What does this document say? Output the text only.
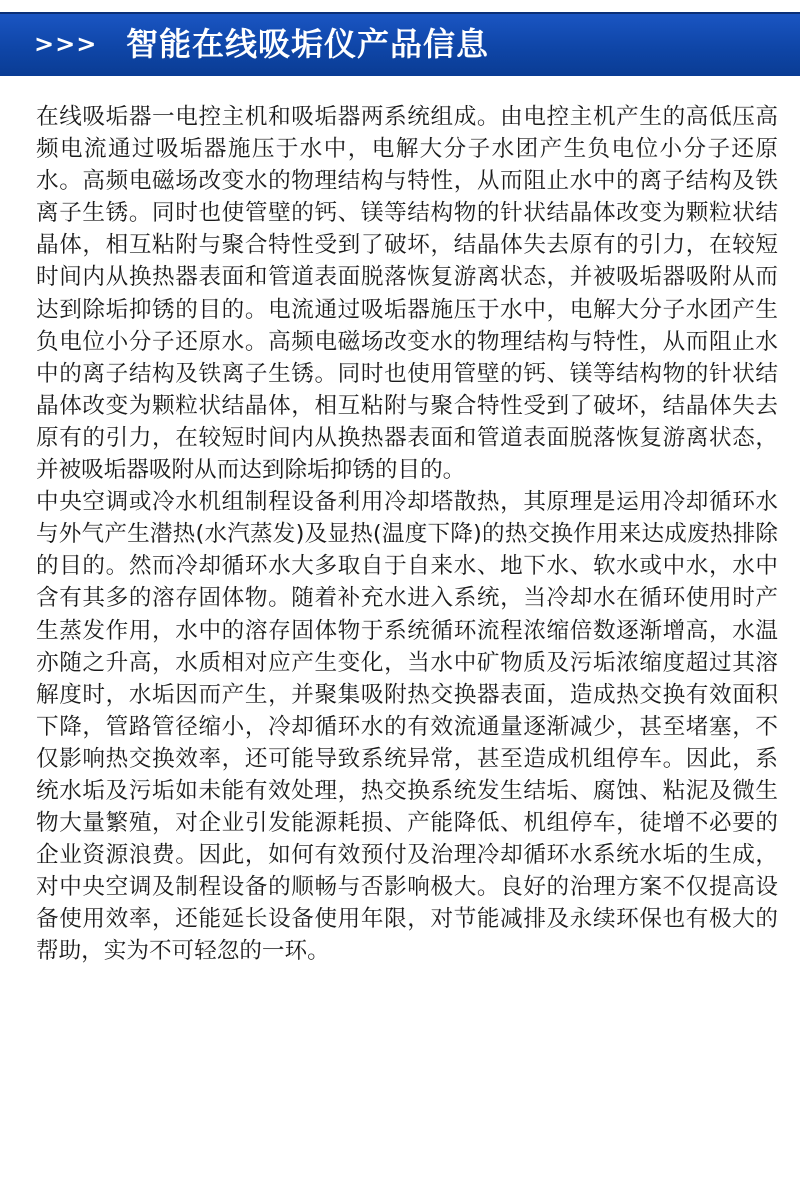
>>> 智能在线吸垢仪产品信息

在线吸垢器一电控主机和吸垢器两系统组成。由电控主机产生的高低压高频电流通过吸垢器施压于水中，电解大分子水团产生负电位小分子还原水。高频电磁场改变水的物理结构与特性，从而阻止水中的离子结构及铁离子生锈。同时也使管壁的钙、镁等结构物的针状结晶体改变为颗粒状结晶体，相互粘附与聚合特性受到了破坏，结晶体失去原有的引力，在较短时间内从换热器表面和管道表面脱落恢复游离状态，并被吸垢器吸附从而达到除垢抑锈的目的。电流通过吸垢器施压于水中，电解大分子水团产生负电位小分子还原水。高频电磁场改变水的物理结构与特性，从而阻止水中的离子结构及铁离子生锈。同时也使用管壁的钙、镁等结构物的针状结晶体改变为颗粒状结晶体，相互粘附与聚合特性受到了破坏，结晶体失去原有的引力，在较短时间内从换热器表面和管道表面脱落恢复游离状态，并被吸垢器吸附从而达到除垢抑锈的目的。

中央空调或冷水机组制程设备利用冷却塔散热，其原理是运用冷却循环水与外气产生潜热(水汽蒸发)及显热(温度下降)的热交换作用来达成废热排除的目的。然而冷却循环水大多取自于自来水、地下水、软水或中水，水中含有其多的溶存固体物。随着补充水进入系统，当冷却水在循环使用时产生蒸发作用，水中的溶存固体物于系统循环流程浓缩倍数逐渐增高，水温亦随之升高，水质相对应产生变化，当水中矿物质及污垢浓缩度超过其溶解度时，水垢因而产生，并聚集吸附热交换器表面，造成热交换有效面积下降，管路管径缩小，冷却循环水的有效流通量逐渐减少，甚至堵塞，不仅影响热交换效率，还可能导致系统异常，甚至造成机组停车。因此，系统水垢及污垢如未能有效处理，热交换系统发生结垢、腐蚀、粘泥及微生物大量繁殖，对企业引发能源耗损、产能降低、机组停车，徒增不必要的企业资源浪费。因此，如何有效预付及治理冷却循环水系统水垢的生成，对中央空调及制程设备的顺畅与否影响极大。良好的治理方案不仅提高设备使用效率，还能延长设备使用年限，对节能减排及永续环保也有极大的帮助，实为不可轻忽的一环。
